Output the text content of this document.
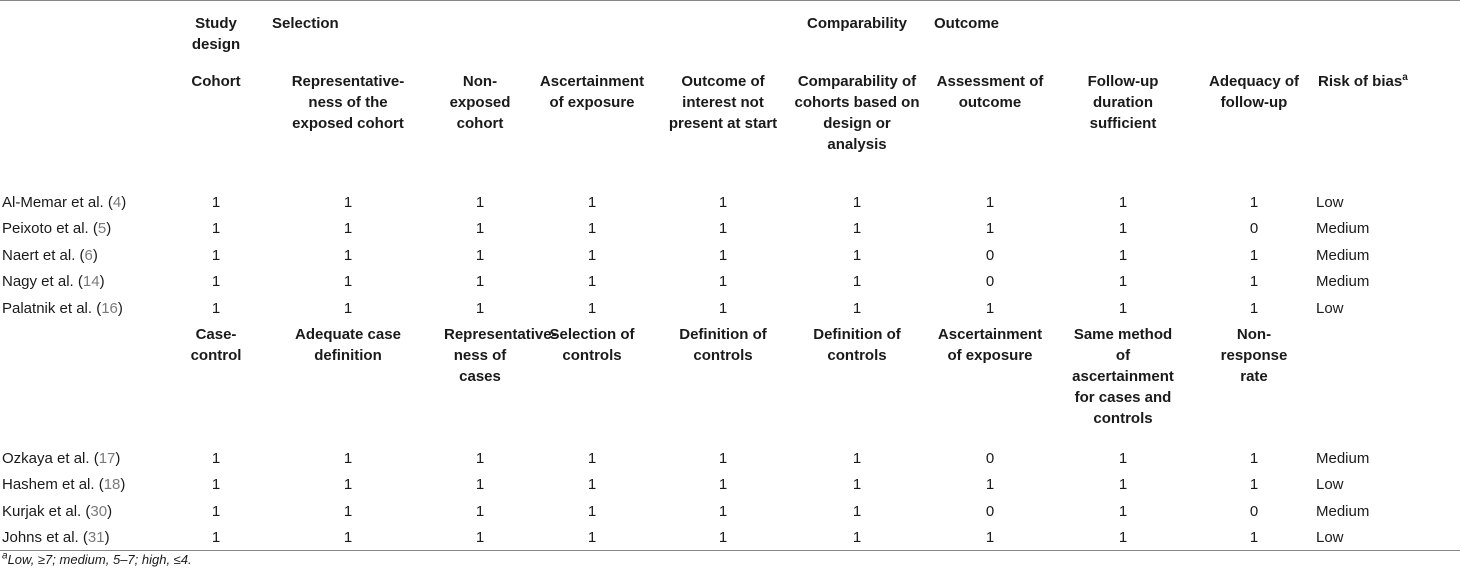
	Study design	Selection				Comparability	Outcome			
	Cohort	Representative-ness of the exposed cohort	Non-exposed cohort	Ascertainment of exposure	Outcome of interest not present at start	Comparability of cohorts based on design or analysis	Assessment of outcome	Follow-up duration sufficient	Adequacy of follow-up	Risk of bias$^a$
Al-Memar et al. (4)	1	1	1	1	1	1	1	1	1	Low
Peixoto et al. (5)	1	1	1	1	1	1	1	1	0	Medium
Naert et al. (6)	1	1	1	1	1	1	0	1	1	Medium
Nagy et al. (14)	1	1	1	1	1	1	0	1	1	Medium
Palatnik et al. (16)	1	1	1	1	1	1	1	1	1	Low
	Case-control	Adequate case definition	Representative-ness of cases	Selection of controls	Definition of controls	Definition of controls	Ascertainment of exposure	Same method of ascertainment for cases and controls	Non-response rate	
Ozkaya et al. (17)	1	1	1	1	1	1	0	1	1	Medium
Hashem et al. (18)	1	1	1	1	1	1	1	1	1	Low
Kurjak et al. (30)	1	1	1	1	1	1	0	1	0	Medium
Johns et al. (31)	1	1	1	1	1	1	1	1	1	Low
$^a$Low, ≥7; medium, 5–7; high, ≤4.
